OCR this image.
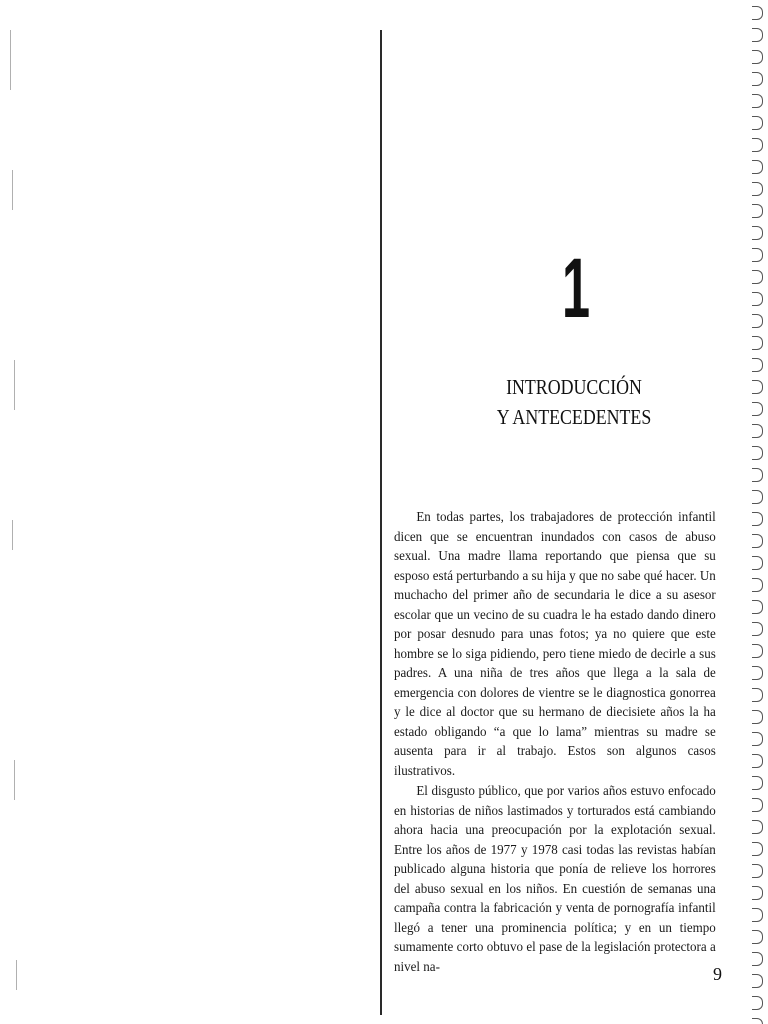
1
INTRODUCCIÓN
Y ANTECEDENTES

En todas partes, los trabajadores de protección infantil dicen que se encuentran inundados con casos de abuso sexual. Una madre llama reportando que piensa que su esposo está perturbando a su hija y que no sabe qué hacer. Un muchacho del primer año de secundaria le dice a su asesor escolar que un vecino de su cuadra le ha estado dando dinero por posar desnudo para unas fotos; ya no quiere que este hombre se lo siga pidiendo, pero tiene miedo de decirle a sus padres. A una niña de tres años que llega a la sala de emergencia con dolores de vientre se le diagnostica gonorrea y le dice al doctor que su hermano de diecisiete años la ha estado obligando “a que lo lama” mientras su madre se ausenta para ir al trabajo. Estos son algunos casos ilustrativos.

El disgusto público, que por varios años estuvo enfocado en historias de niños lastimados y torturados está cambiando ahora hacia una preocupación por la explotación sexual. Entre los años de 1977 y 1978 casi todas las revistas habían publicado alguna historia que ponía de relieve los horrores del abuso sexual en los niños. En cuestión de semanas una campaña contra la fabricación y venta de pornografía infantil llegó a tener una prominencia política; y en un tiempo sumamente corto obtuvo el pase de la legislación protectora a nivel na-	9
